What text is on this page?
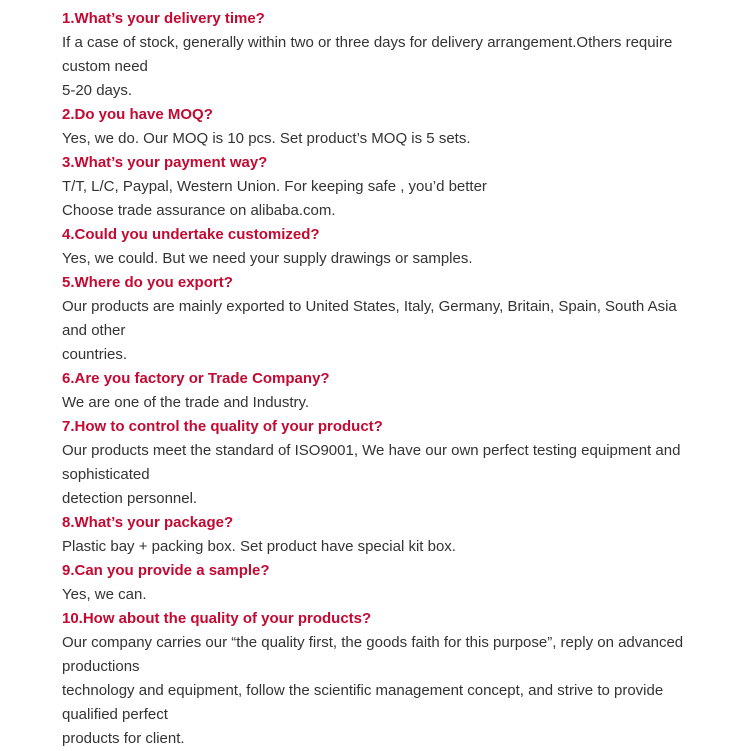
1.What’s your delivery time?
If a case of stock, generally within two or three days for delivery arrangement.Others require  custom need
5-20 days.
2.Do you have MOQ?
Yes, we do. Our MOQ is 10 pcs. Set product’s MOQ is 5 sets.
3.What’s your payment way?
T/T, L/C, Paypal, Western Union. For keeping safe , you’d better
Choose trade assurance on alibaba.com.
4.Could you undertake customized?
Yes, we could. But we need your supply drawings or samples.
5.Where do you export?
Our products are mainly exported to United States, Italy, Germany, Britain, Spain, South Asia and other
countries.
6.Are you factory or Trade Company?
We are one of the trade and Industry.
7.How to control the quality of your product?
Our products meet the standard of ISO9001, We have our own perfect testing equipment and sophisticated
detection personnel.
8.What’s your package?
Plastic bay + packing box. Set product have special kit box.
9.Can you provide a sample?
Yes, we can.
10.How about the quality of your products?
Our company carries our “the quality first, the goods faith for this purpose”, reply on advanced productions
technology and equipment, follow the scientific management concept, and strive to provide qualified perfect
products for client.
